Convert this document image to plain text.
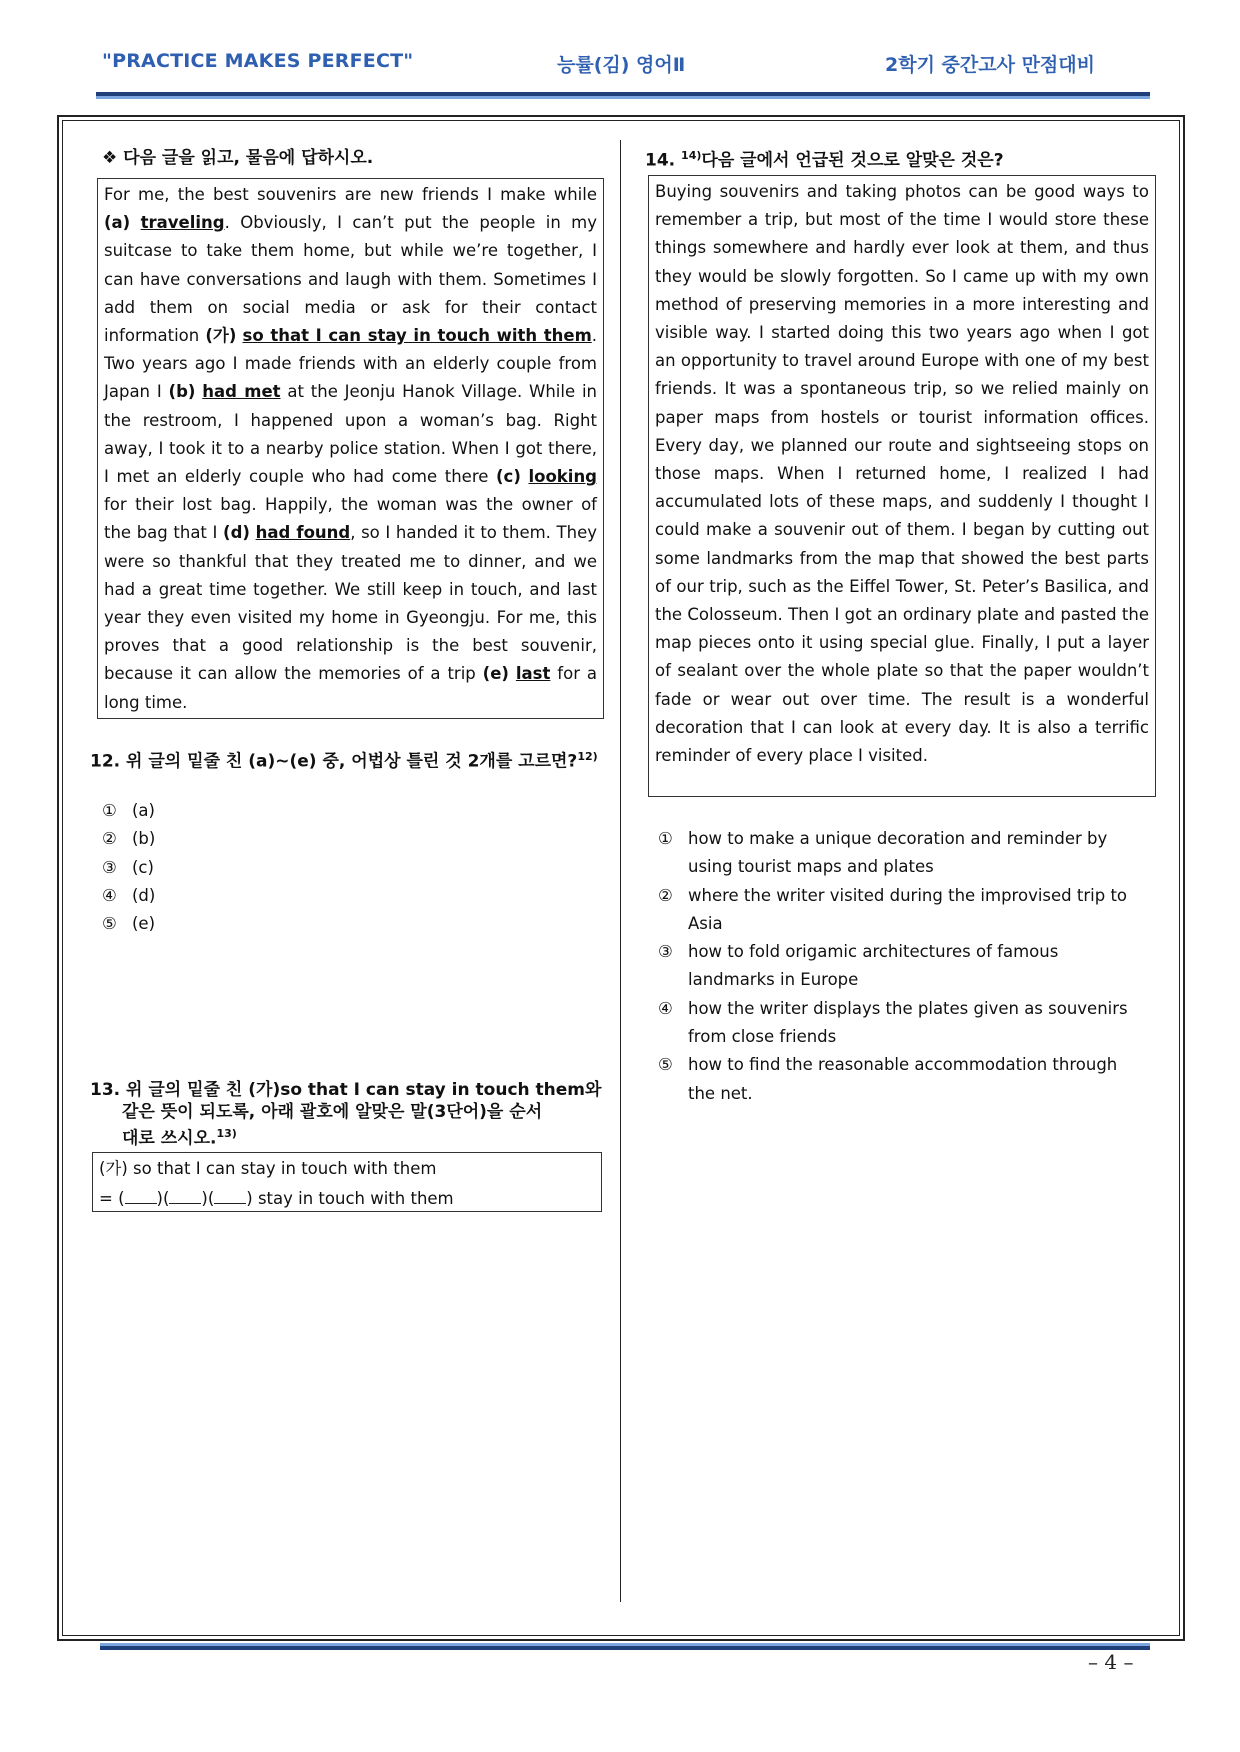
"PRACTICE MAKES PERFECT"	능률(김) 영어Ⅱ	2학기 중간고사 만점대비
❖ 다음 글을 읽고, 물음에 답하시오.
For me, the best souvenirs are new friends I make while (a) traveling. Obviously, I can’t put the people in my suitcase to take them home, but while we’re together, I can have conversations and laugh with them. Sometimes I add them on social media or ask for their contact information (가) so that I can stay in touch with them. Two years ago I made friends with an elderly couple from Japan I (b) had met at the Jeonju Hanok Village. While in the restroom, I happened upon a woman’s bag. Right away, I took it to a nearby police station. When I got there, I met an elderly couple who had come there (c) looking for their lost bag. Happily, the woman was the owner of the bag that I (d) had found, so I handed it to them. They were so thankful that they treated me to dinner, and we had a great time together. We still keep in touch, and last year they even visited my home in Gyeongju. For me, this proves that a good relationship is the best souvenir, because it can allow the memories of a trip (e) last for a long time.
12. 위 글의 밑줄 친 (a)~(e) 중, 어법상 틀린 것 2개를 고르면?$^{12)}$
① (a)
② (b)
③ (c)
④ (d)
⑤ (e)
13. 위 글의 밑줄 친 (가)so that I can stay in touch them와
같은 뜻이 되도록, 아래 괄호에 알맞은 말(3단어)을 순서
대로 쓰시오.$^{13)}$
(가) so that I can stay in touch with them
= ( )( )( ) stay in touch with them
14. $^{14)}$다음 글에서 언급된 것으로 알맞은 것은?
Buying souvenirs and taking photos can be good ways to remember a trip, but most of the time I would store these things somewhere and hardly ever look at them, and thus they would be slowly forgotten. So I came up with my own method of preserving memories in a more interesting and visible way. I started doing this two years ago when I got an opportunity to travel around Europe with one of my best friends. It was a spontaneous trip, so we relied mainly on paper maps from hostels or tourist information offices. Every day, we planned our route and sightseeing stops on those maps. When I returned home, I realized I had accumulated lots of these maps, and suddenly I thought I could make a souvenir out of them. I began by cutting out some landmarks from the map that showed the best parts of our trip, such as the Eiffel Tower, St. Peter’s Basilica, and the Colosseum. Then I got an ordinary plate and pasted the map pieces onto it using special glue. Finally, I put a layer of sealant over the whole plate so that the paper wouldn’t fade or wear out over time. The result is a wonderful decoration that I can look at every day. It is also a terrific reminder of every place I visited.
① how to make a unique decoration and reminder by using tourist maps and plates
② where the writer visited during the improvised trip to Asia
③ how to fold origamic architectures of famous landmarks in Europe
④ how the writer displays the plates given as souvenirs from close friends
⑤ how to find the reasonable accommodation through the net.
– 4 –
